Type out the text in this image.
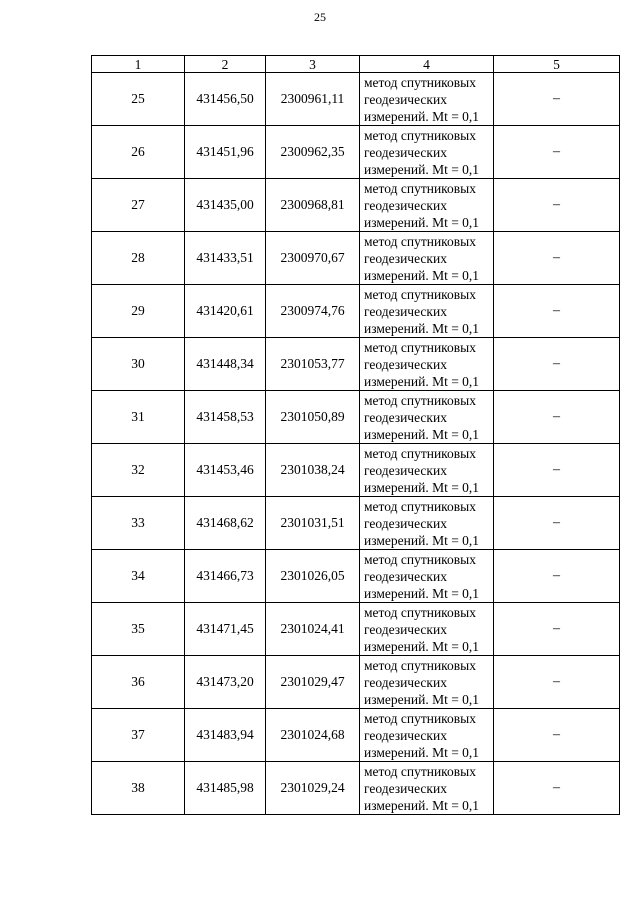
25
1	2	3	4	5
25	431456,50	2300961,11	метод спутниковых
геодезических
измерений. Mt = 0,1	–
26	431451,96	2300962,35	метод спутниковых
геодезических
измерений. Mt = 0,1	–
27	431435,00	2300968,81	метод спутниковых
геодезических
измерений. Mt = 0,1	–
28	431433,51	2300970,67	метод спутниковых
геодезических
измерений. Mt = 0,1	–
29	431420,61	2300974,76	метод спутниковых
геодезических
измерений. Mt = 0,1	–
30	431448,34	2301053,77	метод спутниковых
геодезических
измерений. Mt = 0,1	–
31	431458,53	2301050,89	метод спутниковых
геодезических
измерений. Mt = 0,1	–
32	431453,46	2301038,24	метод спутниковых
геодезических
измерений. Mt = 0,1	–
33	431468,62	2301031,51	метод спутниковых
геодезических
измерений. Mt = 0,1	–
34	431466,73	2301026,05	метод спутниковых
геодезических
измерений. Mt = 0,1	–
35	431471,45	2301024,41	метод спутниковых
геодезических
измерений. Mt = 0,1	–
36	431473,20	2301029,47	метод спутниковых
геодезических
измерений. Mt = 0,1	–
37	431483,94	2301024,68	метод спутниковых
геодезических
измерений. Mt = 0,1	–
38	431485,98	2301029,24	метод спутниковых
геодезических
измерений. Mt = 0,1	–
